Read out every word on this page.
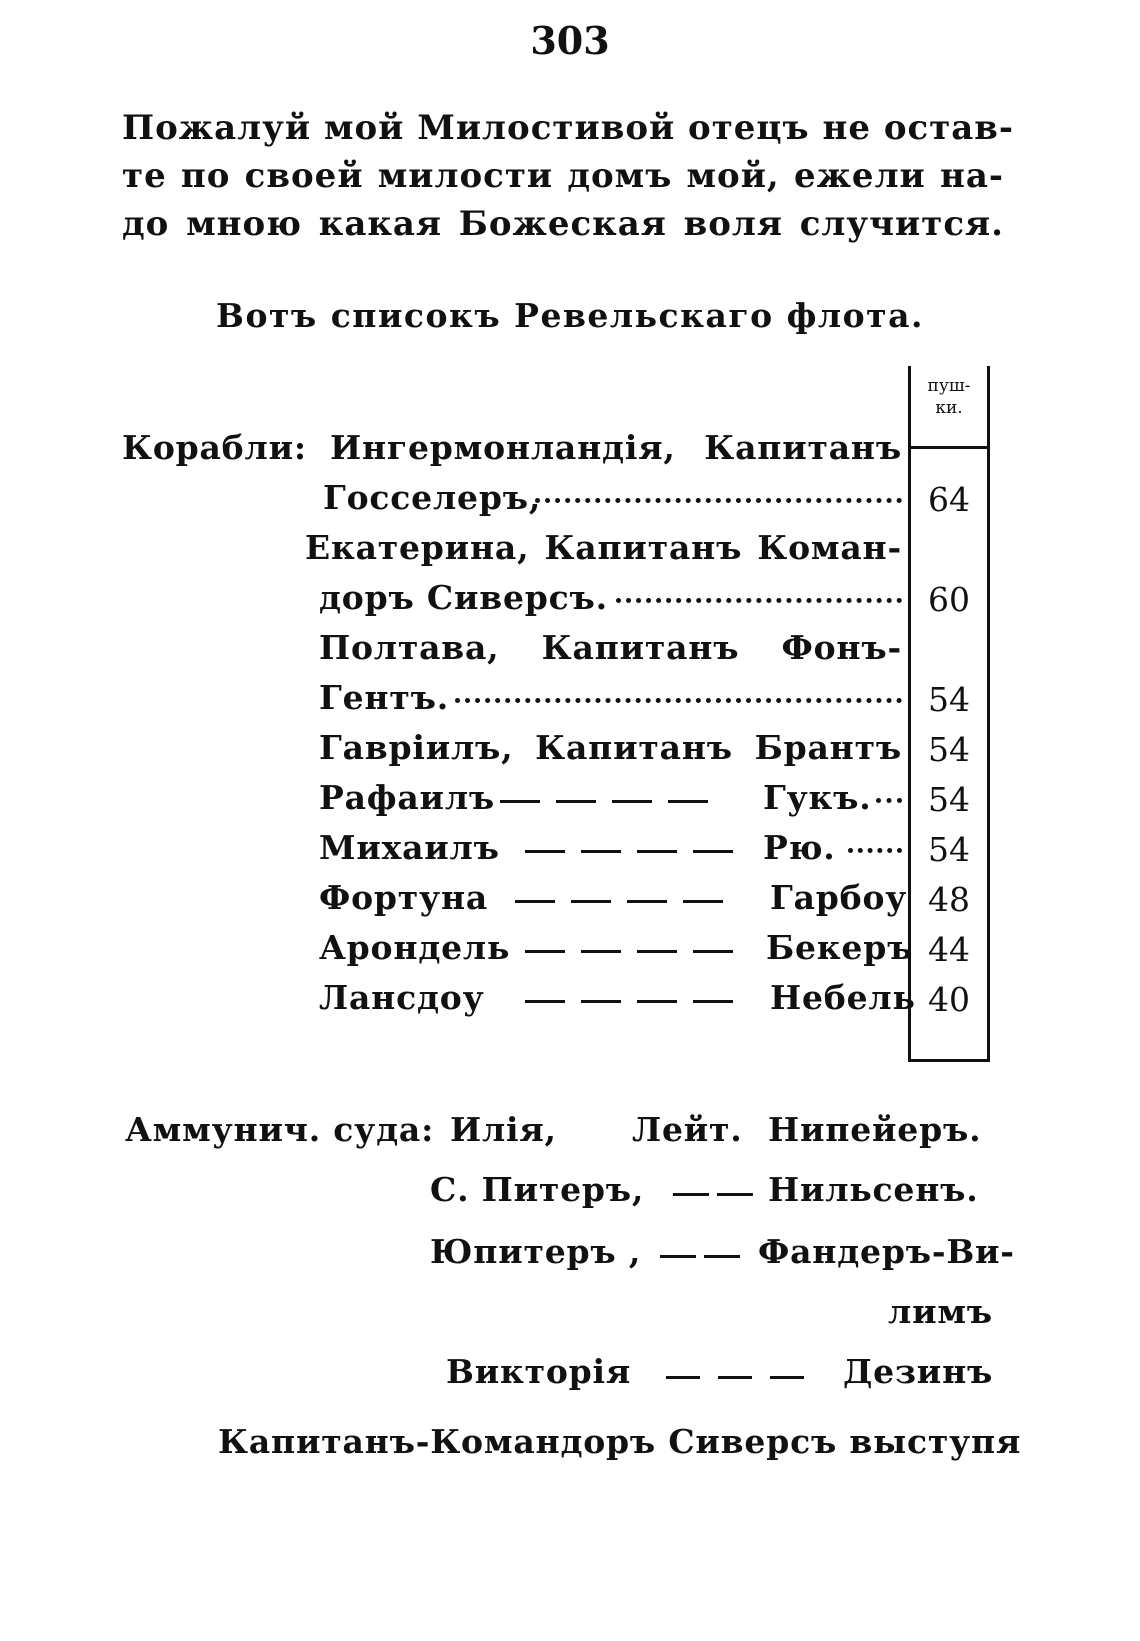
303
Пожалуй мой Милостивой отецъ не остав-
те по своей милости домъ мой, ежели на-
до мною какая Божеская воля случится.
Вотъ списокъ Ревельскаго флота.
пуш-
ки.
Корабли: Ингермонландія, Капитанъ
Госселеръ,	64
Екатерина, Капитанъ Коман-
доръ Сиверсъ.	60
Полтава, Капитанъ Фонъ-
Гентъ.	54
Гавріилъ, Капитанъ Брантъ 54
Рафаилъ	Гукъ.	54
Михаилъ	Рю.	54
Фортуна	Гарбоу 48
Арондель	Бекеръ 44
Лансдоу	Небель 40
Аммунич. суда: Илія, Лейт. Нипейеръ.
С. Питеръ,	Нильсенъ.
Юпитеръ ,	Фандеръ-Ви-
лимъ
Викторія	Дезинъ
Капитанъ-Командоръ Сиверсъ выступя
